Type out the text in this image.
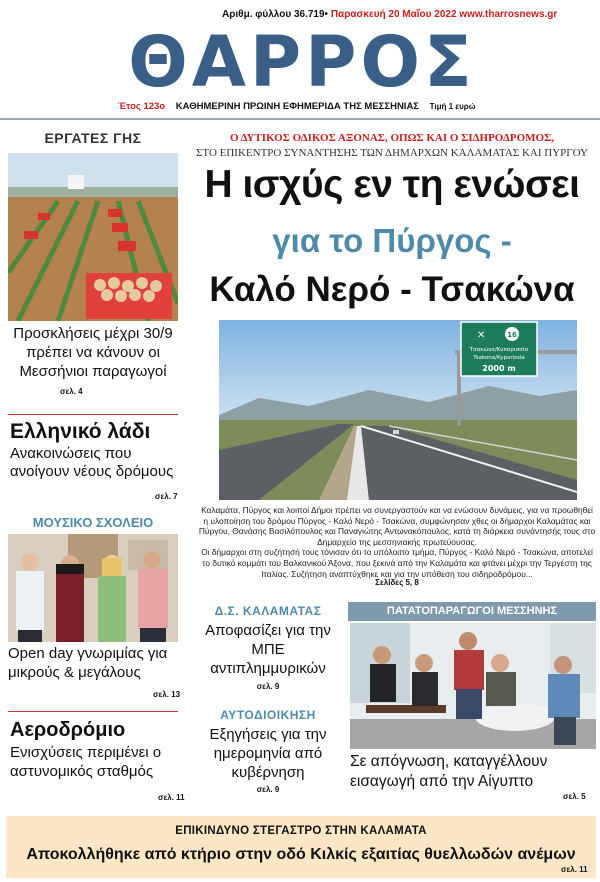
Αριθμ. φύλλου 36.719• Παρασκευή 20 Μαΐου 2022 www.tharrosnews.gr
ΘΑΡΡΟΣ
Έτος 123ο ΚΑΘΗΜΕΡΙΝΗ ΠΡΩΙΝΗ ΕΦΗΜΕΡΙΔΑ ΤΗΣ ΜΕΣΣΗΝΙΑΣ Τιμή 1 ευρώ
ΕΡΓΑΤΕΣ ΓΗΣ
Προσκλήσεις μέχρι 30/9 πρέπει να κάνουν οι Μεσσήνιοι παραγωγοί
σελ. 4
Ελληνικό λάδι
Ανακοινώσεις που ανοίγουν νέους δρόμους
σελ. 7
ΜΟΥΣΙΚΟ ΣΧΟΛΕΙΟ
Open day γνωριμίας για μικρούς & μεγάλους
σελ. 13
Αεροδρόμιο
Ενισχύσεις περιμένει ο αστυνομικός σταθμός
σελ. 11
Ο ΔΥΤΙΚΟΣ ΟΔΙΚΟΣ ΑΞΟΝΑΣ, ΟΠΩΣ ΚΑΙ Ο ΣΙΔΗΡΟΔΡΟΜΟΣ,
ΣΤΟ ΕΠΙΚΕΝΤΡΟ ΣΥΝΑΝΤΗΣΗΣ ΤΩΝ ΔΗΜΑΡΧΩΝ ΚΑΛΑΜΑΤΑΣ ΚΑΙ ΠΥΡΓΟΥ
Η ισχύς εν τη ενώσει
για το Πύργος -
Καλό Νερό - Τσακώνα
✕	16
Τσακώνα/Κυπαρισσία
Tsakona/Kyparissia
2000 m
Καλαμάτα, Πύργος και λοιποί Δήμοι πρέπει να συνεργαστούν και να ενώσουν δυνάμεις, για να προωθηθεί η υλοποίηση του δρόμου Πύργος - Καλό Νερό - Τσακώνα, συμφώνησαν χθες οι δήμαρχοι Καλαμάτας και Πύργου, Θανάσης Βασιλόπουλος και Παναγιώτης Αντωνακόπουλος, κατά τη διάρκεια συνάντησής τους στο Δημαρχείο της μεσσηνιακής πρωτεύουσας.
Οι δήμαρχοι στη συζήτησή τους τόνισαν ότι το υπόλοιπο τμήμα, Πύργος - Καλό Νερό - Τσακώνα, αποτελεί το δυτικό κομμάτι του Βαλκανικού Άξονα, που ξεκινά από την Καλαμάτα και φτάνει μέχρι την Τεργέστη της Ιταλίας. Συζήτηση αναπτύχθηκε και για την υπόθεση του σιδηροδρόμου...
Σελίδες 5, 8
Δ.Σ. ΚΑΛΑΜΑΤΑΣ
Αποφασίζει για την ΜΠΕ αντιπλημμυρικών
σελ. 9
ΑΥΤΟΔΙΟΙΚΗΣΗ
Εξηγήσεις για την ημερομηνία από κυβέρνηση
σελ. 9
ΠΑΤΑΤΟΠΑΡΑΓΩΓΟΙ ΜΕΣΣΗΝΗΣ
Σε απόγνωση, καταγγέλλουν εισαγωγή από την Αίγυπτο
σελ. 5
ΕΠΙΚΙΝΔΥΝΟ ΣΤΕΓΑΣΤΡΟ ΣΤΗΝ ΚΑΛΑΜΑΤΑ
Αποκολλήθηκε από κτήριο στην οδό Κιλκίς εξαιτίας θυελλωδών ανέμων
σελ. 11
